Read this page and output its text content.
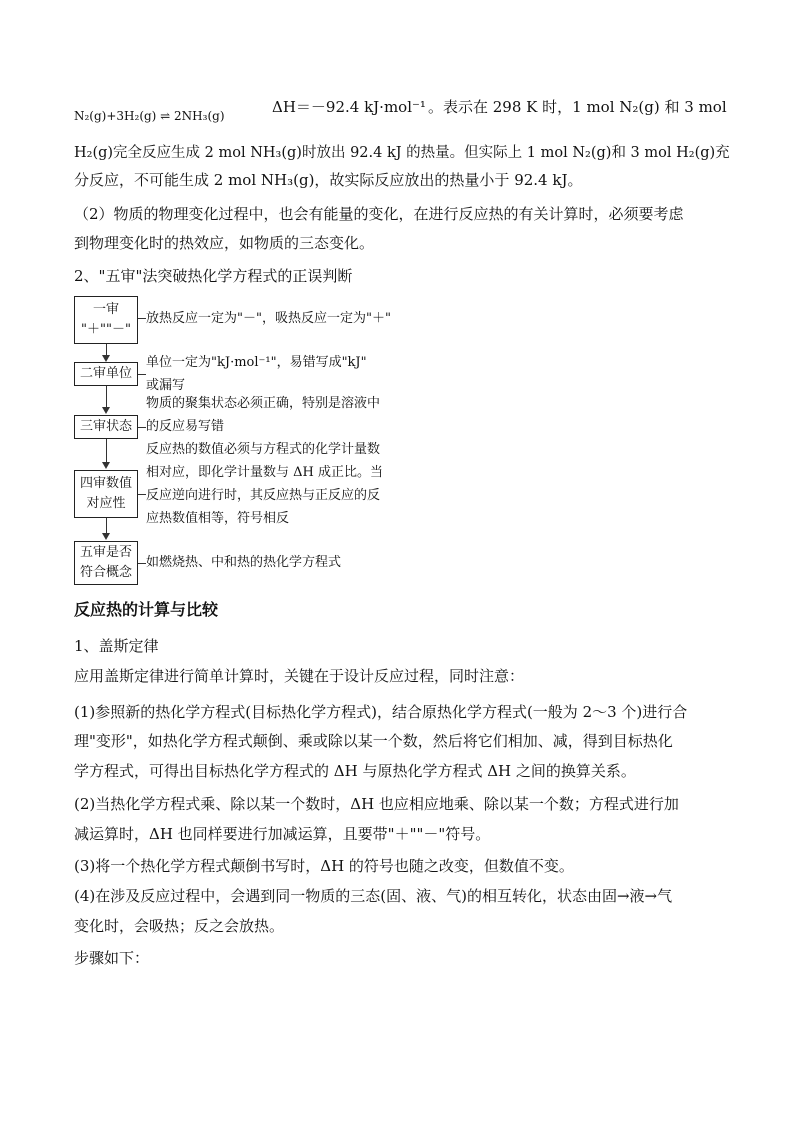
N₂(g)+3H₂(g) ⇌ 2NH₃(g)	ΔH＝－92.4 kJ·mol⁻¹ 。表示在 298 K 时，1 mol N₂(g) 和 3 mol
H₂(g)完全反应生成 2 mol NH₃(g)时放出 92.4 kJ 的热量。但实际上 1 mol N₂(g)和 3 mol H₂(g)充
分反应，不可能生成 2 mol NH₃(g)，故实际反应放出的热量小于 92.4 kJ。
（2）物质的物理变化过程中，也会有能量的变化，在进行反应热的有关计算时，必须要考虑
到物理变化时的热效应，如物质的三态变化。
2、"五审"法突破热化学方程式的正误判断
一审
"＋""－"
放热反应一定为"－"，吸热反应一定为"＋"
二审单位
单位一定为"kJ·mol⁻¹"，易错写成"kJ"
或漏写
三审状态
物质的聚集状态必须正确，特别是溶液中
的反应易写错
四审数值
对应性
反应热的数值必须与方程式的化学计量数
相对应，即化学计量数与 ΔH 成正比。当
反应逆向进行时，其反应热与正反应的反
应热数值相等，符号相反
五审是否
符合概念
如燃烧热、中和热的热化学方程式
反应热的计算与比较
1、盖斯定律
应用盖斯定律进行简单计算时，关键在于设计反应过程，同时注意：
(1)参照新的热化学方程式(目标热化学方程式)，结合原热化学方程式(一般为 2～3 个)进行合
理"变形"，如热化学方程式颠倒、乘或除以某一个数，然后将它们相加、减，得到目标热化
学方程式，可得出目标热化学方程式的 ΔH 与原热化学方程式 ΔH 之间的换算关系。
(2)当热化学方程式乘、除以某一个数时，ΔH 也应相应地乘、除以某一个数；方程式进行加
减运算时，ΔH 也同样要进行加减运算，且要带"＋""－"符号。
(3)将一个热化学方程式颠倒书写时，ΔH 的符号也随之改变，但数值不变。
(4)在涉及反应过程中，会遇到同一物质的三态(固、液、气)的相互转化，状态由固→液→气
变化时，会吸热；反之会放热。
步骤如下：
